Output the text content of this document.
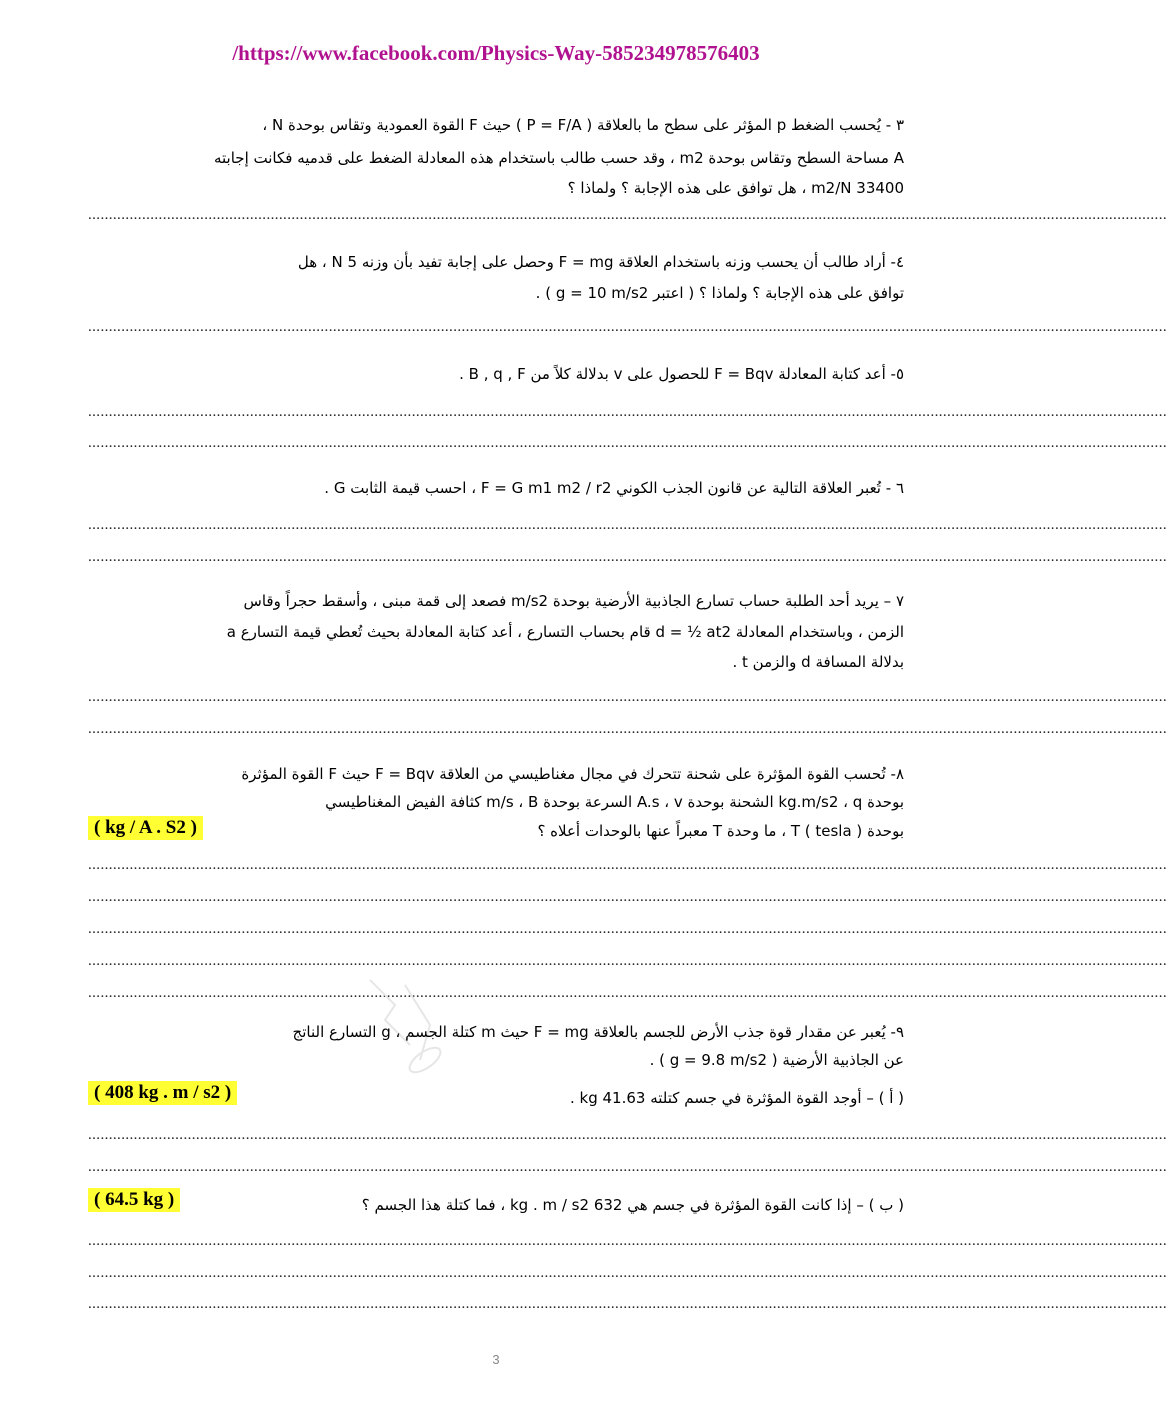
/https://www.facebook.com/Physics-Way-585234978576403
٣ - يُحسب الضغط p المؤثر على سطح ما بالعلاقة ( P = F/A ) حيث F القوة العمودية وتقاس بوحدة N ،
A مساحة السطح وتقاس بوحدة m2 ، وقد حسب طالب باستخدام هذه المعادلة الضغط على قدميه فكانت إجابته
33400 m2/N ، هل توافق على هذه الإجابة ؟ ولماذا ؟
....................................................................................................................................................................................................................................................................
٤- أراد طالب أن يحسب وزنه باستخدام العلاقة F = mg وحصل على إجابة تفيد بأن وزنه 5 N ، هل
توافق على هذه الإجابة ؟ ولماذا ؟ ( اعتبر g = 10 m/s2 ) .
....................................................................................................................................................................................................................................................................
٥- أعد كتابة المعادلة F = Bqv للحصول على v بدلالة كلاً من B , q , F .
....................................................................................................................................................................................................................................................................
....................................................................................................................................................................................................................................................................
٦ - تُعبر العلاقة التالية عن قانون الجذب الكوني F = G m1 m2 / r2 ، احسب قيمة الثابت G .
....................................................................................................................................................................................................................................................................
....................................................................................................................................................................................................................................................................
٧ – يريد أحد الطلبة حساب تسارع الجاذبية الأرضية بوحدة m/s2 فصعد إلى قمة مبنى ، وأسقط حجراً وقاس
الزمن ، وباستخدام المعادلة d = ½ at2 قام بحساب التسارع ، أعد كتابة المعادلة بحيث تُعطي قيمة التسارع a
بدلالة المسافة d والزمن t .
....................................................................................................................................................................................................................................................................
....................................................................................................................................................................................................................................................................
٨- تُحسب القوة المؤثرة على شحنة تتحرك في مجال مغناطيسي من العلاقة F = Bqv حيث F القوة المؤثرة
بوحدة kg.m/s2 ، q الشحنة بوحدة A.s ، v السرعة بوحدة m/s ، B كثافة الفيض المغناطيسي
بوحدة T ( tesla ) ، ما وحدة T معبراً عنها بالوحدات أعلاه ؟
( kg / A . S2 )
....................................................................................................................................................................................................................................................................
....................................................................................................................................................................................................................................................................
....................................................................................................................................................................................................................................................................
....................................................................................................................................................................................................................................................................
....................................................................................................................................................................................................................................................................
٩- يُعبر عن مقدار قوة جذب الأرض للجسم بالعلاقة F = mg حيث m كتلة الجسم ، g التسارع الناتج
عن الجاذبية الأرضية ( g = 9.8 m/s2 ) .
( أ ) – أوجد القوة المؤثرة في جسم كتلته 41.63 kg .
( 408 kg . m / s2 )
....................................................................................................................................................................................................................................................................
....................................................................................................................................................................................................................................................................
( ب ) – إذا كانت القوة المؤثرة في جسم هي 632 kg . m / s2 ، فما كتلة هذا الجسم ؟
( 64.5 kg )
....................................................................................................................................................................................................................................................................
....................................................................................................................................................................................................................................................................
....................................................................................................................................................................................................................................................................
3
